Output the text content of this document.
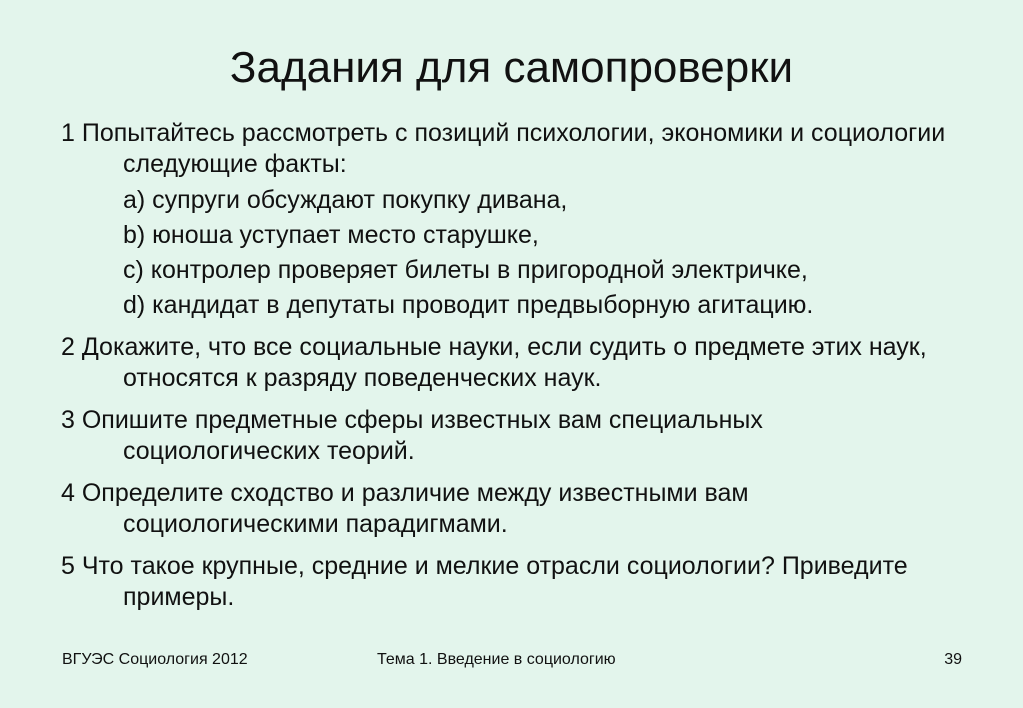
Задания для самопроверки
1 Попытайтесь рассмотреть с позиций психологии, экономики и социологии следующие факты:
a) супруги обсуждают покупку дивана,
b) юноша уступает место старушке,
c) контролер проверяет билеты в пригородной электричке,
d) кандидат в депутаты проводит предвыборную агитацию.
2 Докажите, что все социальные науки, если судить о предмете этих наук, относятся к разряду поведенческих наук.
3 Опишите предметные сферы известных вам специальных социологических теорий.
4 Определите сходство и различие между известными вам социологическими парадигмами.
5 Что такое крупные, средние и мелкие отрасли социологии? Приведите примеры.
ВГУЭС Социология 2012	Тема 1. Введение в социологию	39
